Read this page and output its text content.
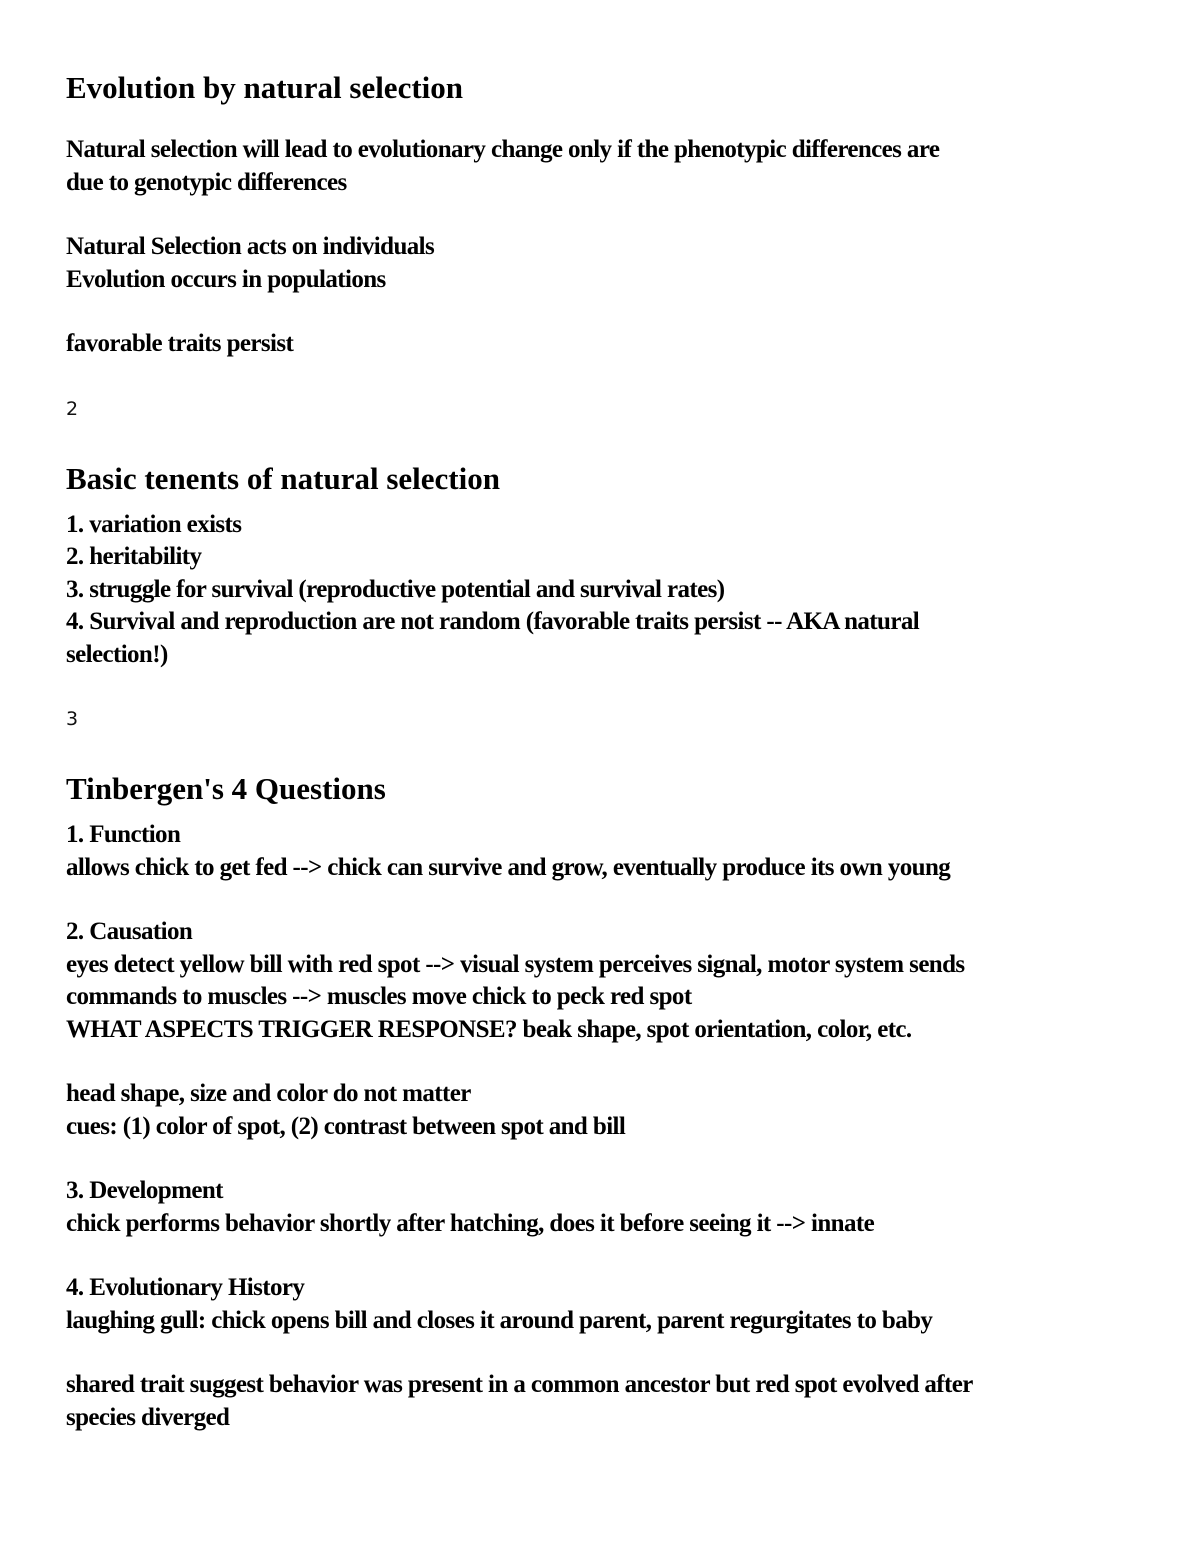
Evolution by natural selection
Natural selection will lead to evolutionary change only if the phenotypic differences are
due to genotypic differences
Natural Selection acts on individuals
Evolution occurs in populations
favorable traits persist
2
Basic tenents of natural selection
1. variation exists
2. heritability
3. struggle for survival (reproductive potential and survival rates)
4. Survival and reproduction are not random (favorable traits persist -- AKA natural
selection!)
3
Tinbergen's 4 Questions
1. Function
allows chick to get fed --> chick can survive and grow, eventually produce its own young
2. Causation
eyes detect yellow bill with red spot --> visual system perceives signal, motor system sends
commands to muscles --> muscles move chick to peck red spot
WHAT ASPECTS TRIGGER RESPONSE? beak shape, spot orientation, color, etc.
head shape, size and color do not matter
cues: (1) color of spot, (2) contrast between spot and bill
3. Development
chick performs behavior shortly after hatching, does it before seeing it --> innate
4. Evolutionary History
laughing gull: chick opens bill and closes it around parent, parent regurgitates to baby
shared trait suggest behavior was present in a common ancestor but red spot evolved after
species diverged
